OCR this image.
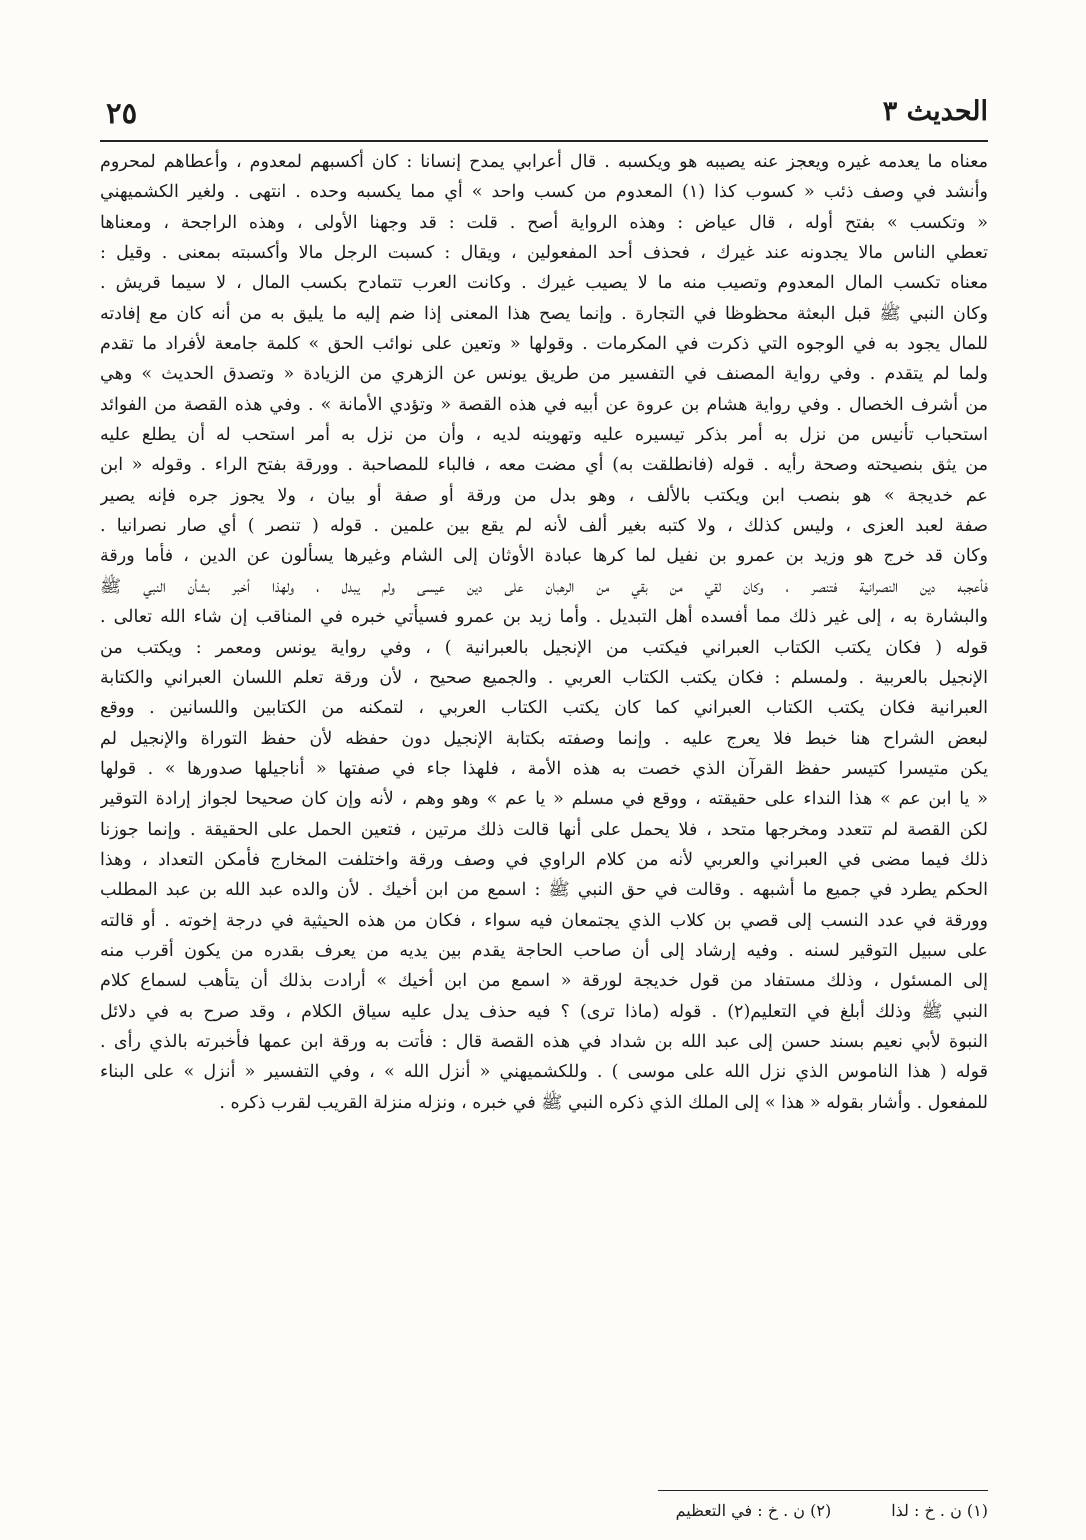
الحديث ٣
٢٥
معناه ما يعدمه غيره ويعجز عنه يصيبه هو ويكسبه . قال أعرابي يمدح إنسانا : كان أكسبهم لمعدوم ، وأعطاهم لمحروم
وأنشد في وصف ذئب « كسوب كذا (١) المعدوم من كسب واحد » أي مما يكسبه وحده . انتهى . ولغير الكشميهني
« وتكسب » بفتح أوله ، قال عياض : وهذه الرواية أصح . قلت : قد وجهنا الأولى ، وهذه الراجحة ، ومعناها
تعطي الناس مالا يجدونه عند غيرك ، فحذف أحد المفعولين ، ويقال : كسبت الرجل مالا وأكسبته بمعنى . وقيل :
معناه تكسب المال المعدوم وتصيب منه ما لا يصيب غيرك . وكانت العرب تتمادح بكسب المال ، لا سيما قريش .
وكان النبي ﷺ قبل البعثة محظوظا في التجارة . وإنما يصح هذا المعنى إذا ضم إليه ما يليق به من أنه كان مع إفادته
للمال يجود به في الوجوه التي ذكرت في المكرمات . وقولها « وتعين على نوائب الحق » كلمة جامعة لأفراد ما تقدم
ولما لم يتقدم . وفي رواية المصنف في التفسير من طريق يونس عن الزهري من الزيادة « وتصدق الحديث » وهي
من أشرف الخصال . وفي رواية هشام بن عروة عن أبيه في هذه القصة « وتؤدي الأمانة » . وفي هذه القصة من الفوائد
استحباب تأنيس من نزل به أمر بذكر تيسيره عليه وتهوينه لديه ، وأن من نزل به أمر استحب له أن يطلع عليه
من يثق بنصيحته وصحة رأيه . قوله (فانطلقت به) أي مضت معه ، فالباء للمصاحبة . وورقة بفتح الراء . وقوله « ابن
عم خديجة » هو بنصب ابن ويكتب بالألف ، وهو بدل من ورقة أو صفة أو بيان ، ولا يجوز جره فإنه يصير
صفة لعبد العزى ، وليس كذلك ، ولا كتبه بغير ألف لأنه لم يقع بين علمين . قوله ( تنصر ) أي صار نصرانيا .
وكان قد خرج هو وزيد بن عمرو بن نفيل لما كرها عبادة الأوثان إلى الشام وغيرها يسألون عن الدين ، فأما ورقة
فأعجبه دين النصرانية فتنصر ، وكان لقي من بقي من الرهبان على دين عيسى ولم يبدل ، ولهذا أخبر بشأن النبي ﷺ
والبشارة به ، إلى غير ذلك مما أفسده أهل التبديل . وأما زيد بن عمرو فسيأتي خبره في المناقب إن شاء الله تعالى .
قوله ( فكان يكتب الكتاب العبراني فيكتب من الإنجيل بالعبرانية ) ، وفي رواية يونس ومعمر : ويكتب من
الإنجيل بالعربية . ولمسلم : فكان يكتب الكتاب العربي . والجميع صحيح ، لأن ورقة تعلم اللسان العبراني والكتابة
العبرانية فكان يكتب الكتاب العبراني كما كان يكتب الكتاب العربي ، لتمكنه من الكتابين واللسانين . ووقع
لبعض الشراح هنا خبط فلا يعرج عليه . وإنما وصفته بكتابة الإنجيل دون حفظه لأن حفظ التوراة والإنجيل لم
يكن متيسرا كتيسر حفظ القرآن الذي خصت به هذه الأمة ، فلهذا جاء في صفتها « أناجيلها صدورها » . قولها
« يا ابن عم » هذا النداء على حقيقته ، ووقع في مسلم « يا عم » وهو وهم ، لأنه وإن كان صحيحا لجواز إرادة التوقير
لكن القصة لم تتعدد ومخرجها متحد ، فلا يحمل على أنها قالت ذلك مرتين ، فتعين الحمل على الحقيقة . وإنما جوزنا
ذلك فيما مضى في العبراني والعربي لأنه من كلام الراوي في وصف ورقة واختلفت المخارج فأمكن التعداد ، وهذا
الحكم يطرد في جميع ما أشبهه . وقالت في حق النبي ﷺ : اسمع من ابن أخيك . لأن والده عبد الله بن عبد المطلب
وورقة في عدد النسب إلى قصي بن كلاب الذي يجتمعان فيه سواء ، فكان من هذه الحيثية في درجة إخوته . أو قالته
على سبيل التوقير لسنه . وفيه إرشاد إلى أن صاحب الحاجة يقدم بين يديه من يعرف بقدره من يكون أقرب منه
إلى المسئول ، وذلك مستفاد من قول خديجة لورقة « اسمع من ابن أخيك » أرادت بذلك أن يتأهب لسماع كلام
النبي ﷺ وذلك أبلغ في التعليم(٢) . قوله (ماذا ترى) ؟ فيه حذف يدل عليه سياق الكلام ، وقد صرح به في دلائل
النبوة لأبي نعيم بسند حسن إلى عبد الله بن شداد في هذه القصة قال : فأتت به ورقة ابن عمها فأخبرته بالذي رأى .
قوله ( هذا الناموس الذي نزل الله على موسى ) . وللكشميهني « أنزل الله » ، وفي التفسير « أنزل » على البناء
للمفعول . وأشار بقوله « هذا » إلى الملك الذي ذكره النبي ﷺ في خبره ، ونزله منزلة القريب لقرب ذكره .
(١) ن . خ : لذا
(٢) ن . خ : في التعظيم
